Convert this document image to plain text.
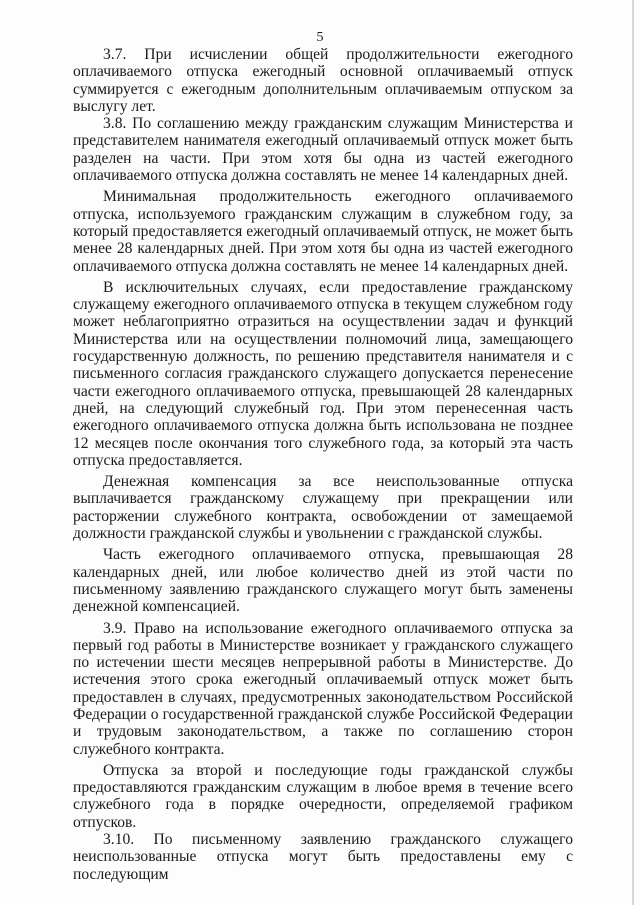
5

3.7. При исчислении общей продолжительности ежегодного оплачиваемого отпуска ежегодный основной оплачиваемый отпуск суммируется с ежегодным дополнительным оплачиваемым отпуском за выслугу лет.

3.8. По соглашению между гражданским служащим Министерства и представителем нанимателя ежегодный оплачиваемый отпуск может быть разделен на части. При этом хотя бы одна из частей ежегодного оплачиваемого отпуска должна составлять не менее 14 календарных дней.

Минимальная продолжительность ежегодного оплачиваемого отпуска, используемого гражданским служащим в служебном году, за который предоставляется ежегодный оплачиваемый отпуск, не может быть менее 28 календарных дней. При этом хотя бы одна из частей ежегодного оплачиваемого отпуска должна составлять не менее 14 календарных дней.

В исключительных случаях, если предоставление гражданскому служащему ежегодного оплачиваемого отпуска в текущем служебном году может неблагоприятно отразиться на осуществлении задач и функций Министерства или на осуществлении полномочий лица, замещающего государственную должность, по решению представителя нанимателя и с письменного согласия гражданского служащего допускается перенесение части ежегодного оплачиваемого отпуска, превышающей 28 календарных дней, на следующий служебный год. При этом перенесенная часть ежегодного оплачиваемого отпуска должна быть использована не позднее 12 месяцев после окончания того служебного года, за который эта часть отпуска предоставляется.

Денежная компенсация за все неиспользованные отпуска выплачивается гражданскому служащему при прекращении или расторжении служебного контракта, освобождении от замещаемой должности гражданской службы и увольнении с гражданской службы.

Часть ежегодного оплачиваемого отпуска, превышающая 28 календарных дней, или любое количество дней из этой части по письменному заявлению гражданского служащего могут быть заменены денежной компенсацией.

3.9. Право на использование ежегодного оплачиваемого отпуска за первый год работы в Министерстве возникает у гражданского служащего по истечении шести месяцев непрерывной работы в Министерстве. До истечения этого срока ежегодный оплачиваемый отпуск может быть предоставлен в случаях, предусмотренных законодательством Российской Федерации о государственной гражданской службе Российской Федерации и трудовым законодательством, а также по соглашению сторон служебного контракта.

Отпуска за второй и последующие годы гражданской службы предоставляются гражданским служащим в любое время в течение всего служебного года в порядке очередности, определяемой графиком отпусков.

3.10. По письменному заявлению гражданского служащего неиспользованные отпуска могут быть предоставлены ему с последующим
